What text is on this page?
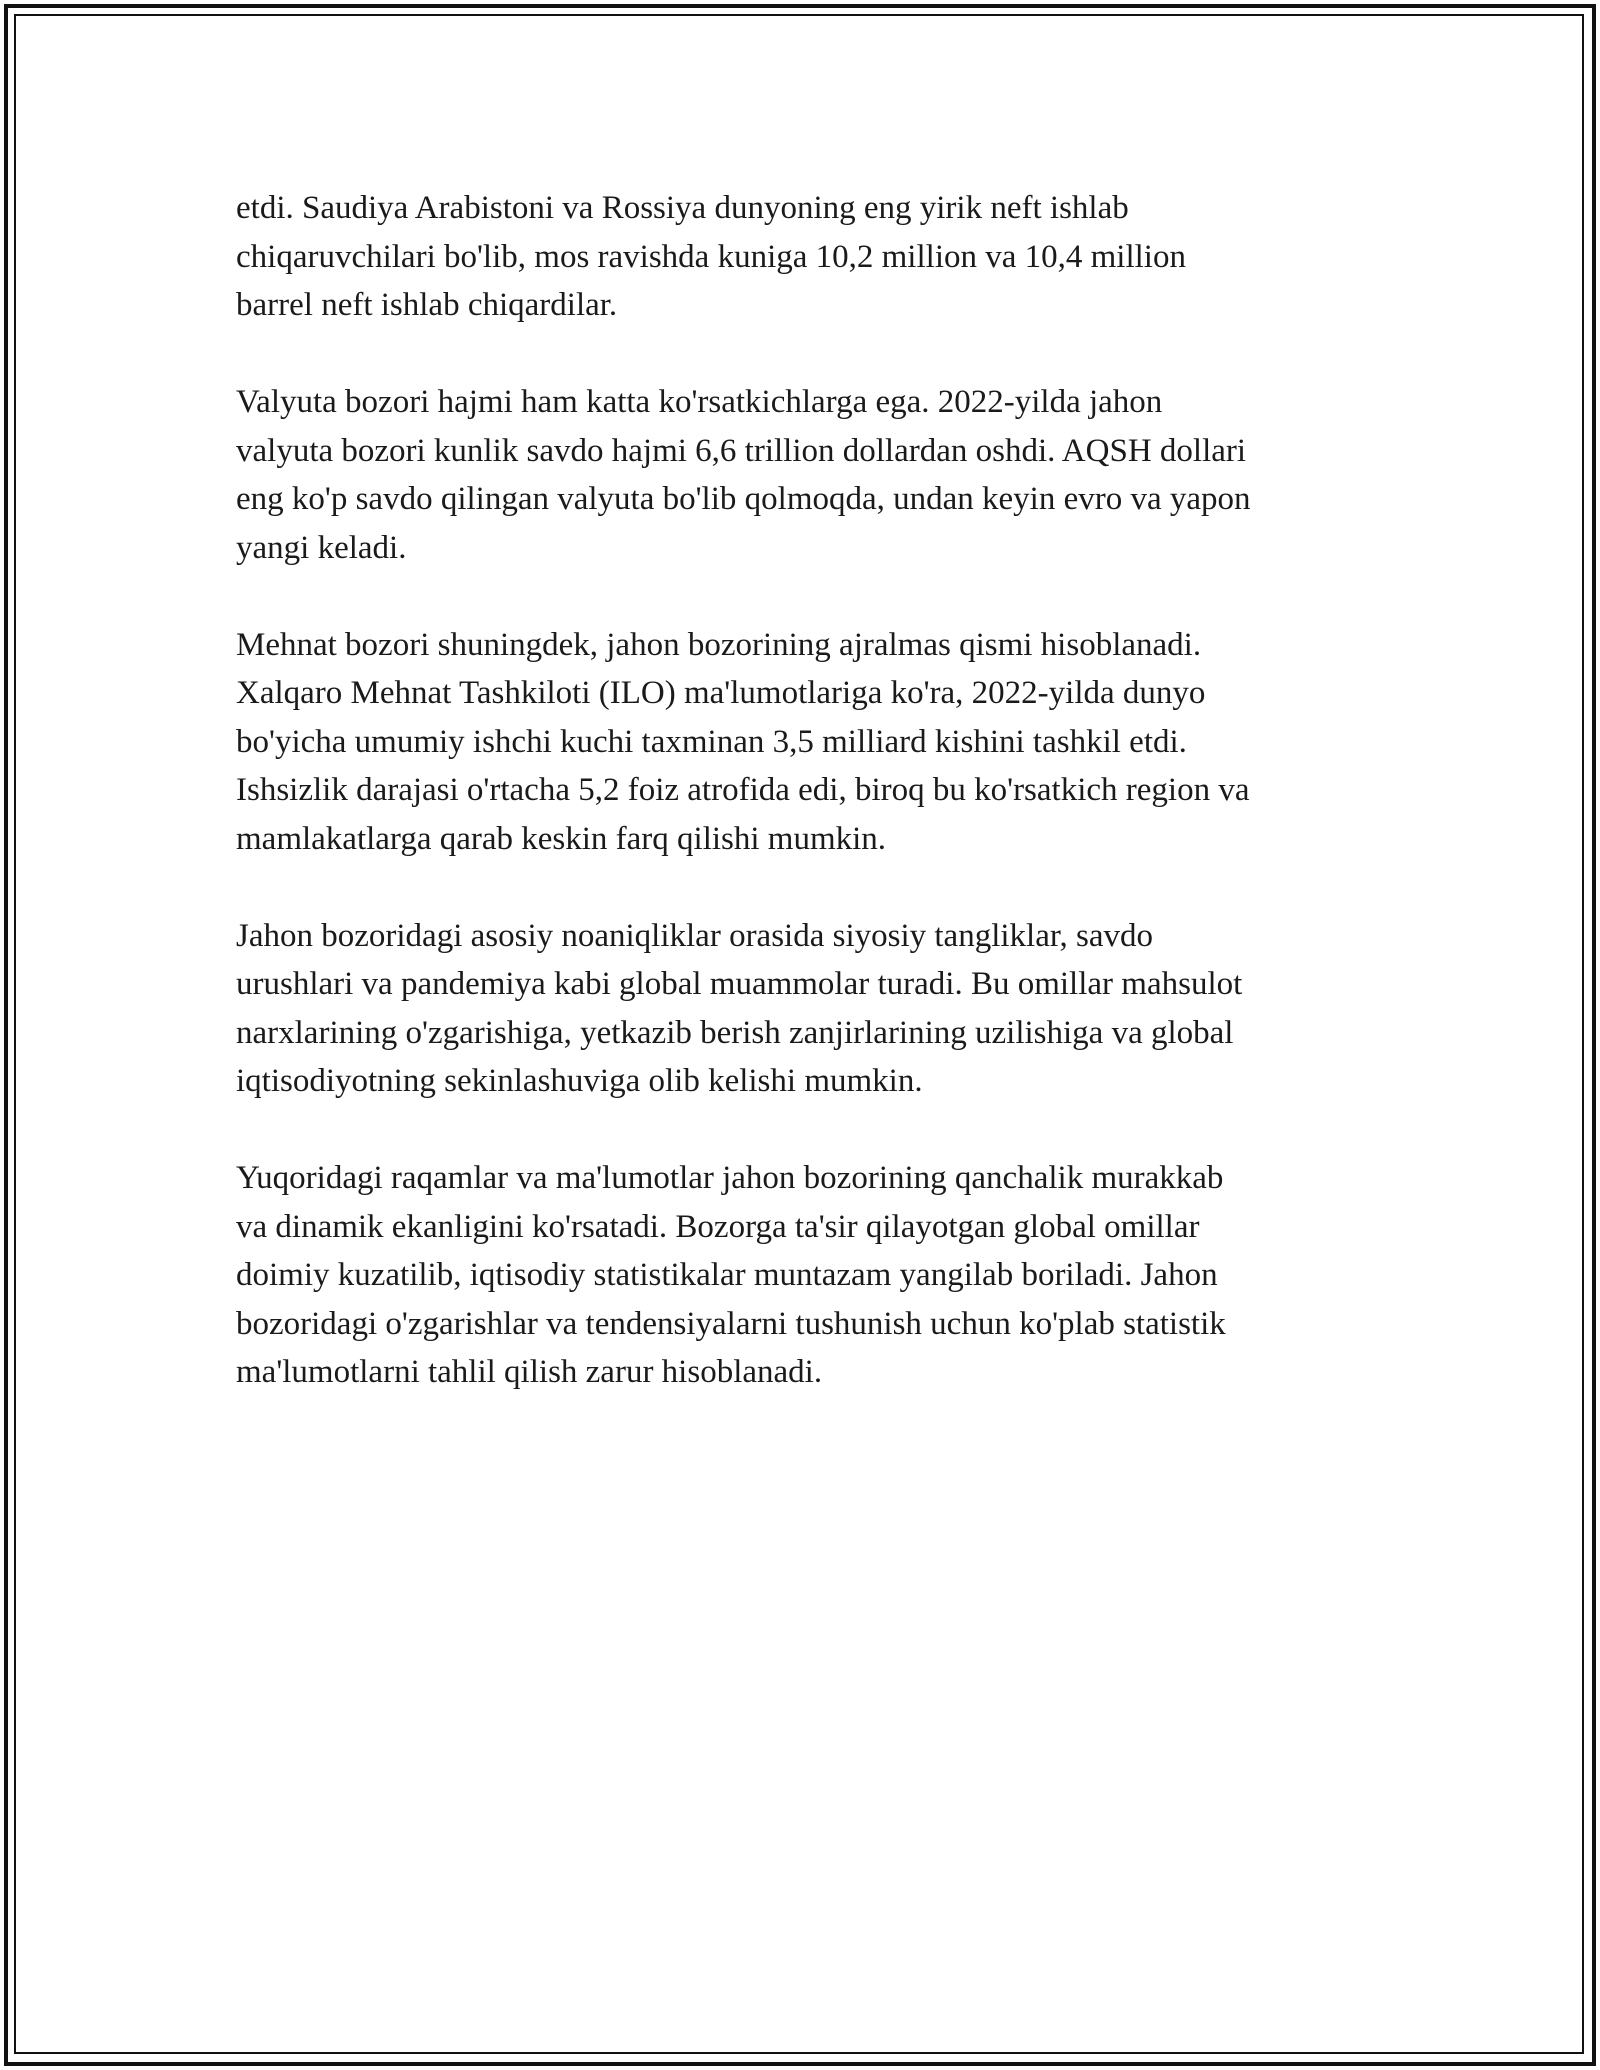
etdi. Saudiya Arabistoni va Rossiya dunyoning eng yirik neft ishlab
chiqaruvchilari bo'lib, mos ravishda kuniga 10,2 million va 10,4 million
barrel neft ishlab chiqardilar.

Valyuta bozori hajmi ham katta ko'rsatkichlarga ega. 2022-yilda jahon
valyuta bozori kunlik savdo hajmi 6,6 trillion dollardan oshdi. AQSH dollari
eng ko'p savdo qilingan valyuta bo'lib qolmoqda, undan keyin evro va yapon
yangi keladi.

Mehnat bozori shuningdek, jahon bozorining ajralmas qismi hisoblanadi.
Xalqaro Mehnat Tashkiloti (ILO) ma'lumotlariga ko'ra, 2022-yilda dunyo
bo'yicha umumiy ishchi kuchi taxminan 3,5 milliard kishini tashkil etdi.
Ishsizlik darajasi o'rtacha 5,2 foiz atrofida edi, biroq bu ko'rsatkich region va
mamlakatlarga qarab keskin farq qilishi mumkin.

Jahon bozoridagi asosiy noaniqliklar orasida siyosiy tangliklar, savdo
urushlari va pandemiya kabi global muammolar turadi. Bu omillar mahsulot
narxlarining o'zgarishiga, yetkazib berish zanjirlarining uzilishiga va global
iqtisodiyotning sekinlashuviga olib kelishi mumkin.

Yuqoridagi raqamlar va ma'lumotlar jahon bozorining qanchalik murakkab
va dinamik ekanligini ko'rsatadi. Bozorga ta'sir qilayotgan global omillar
doimiy kuzatilib, iqtisodiy statistikalar muntazam yangilab boriladi. Jahon
bozoridagi o'zgarishlar va tendensiyalarni tushunish uchun ko'plab statistik
ma'lumotlarni tahlil qilish zarur hisoblanadi.
